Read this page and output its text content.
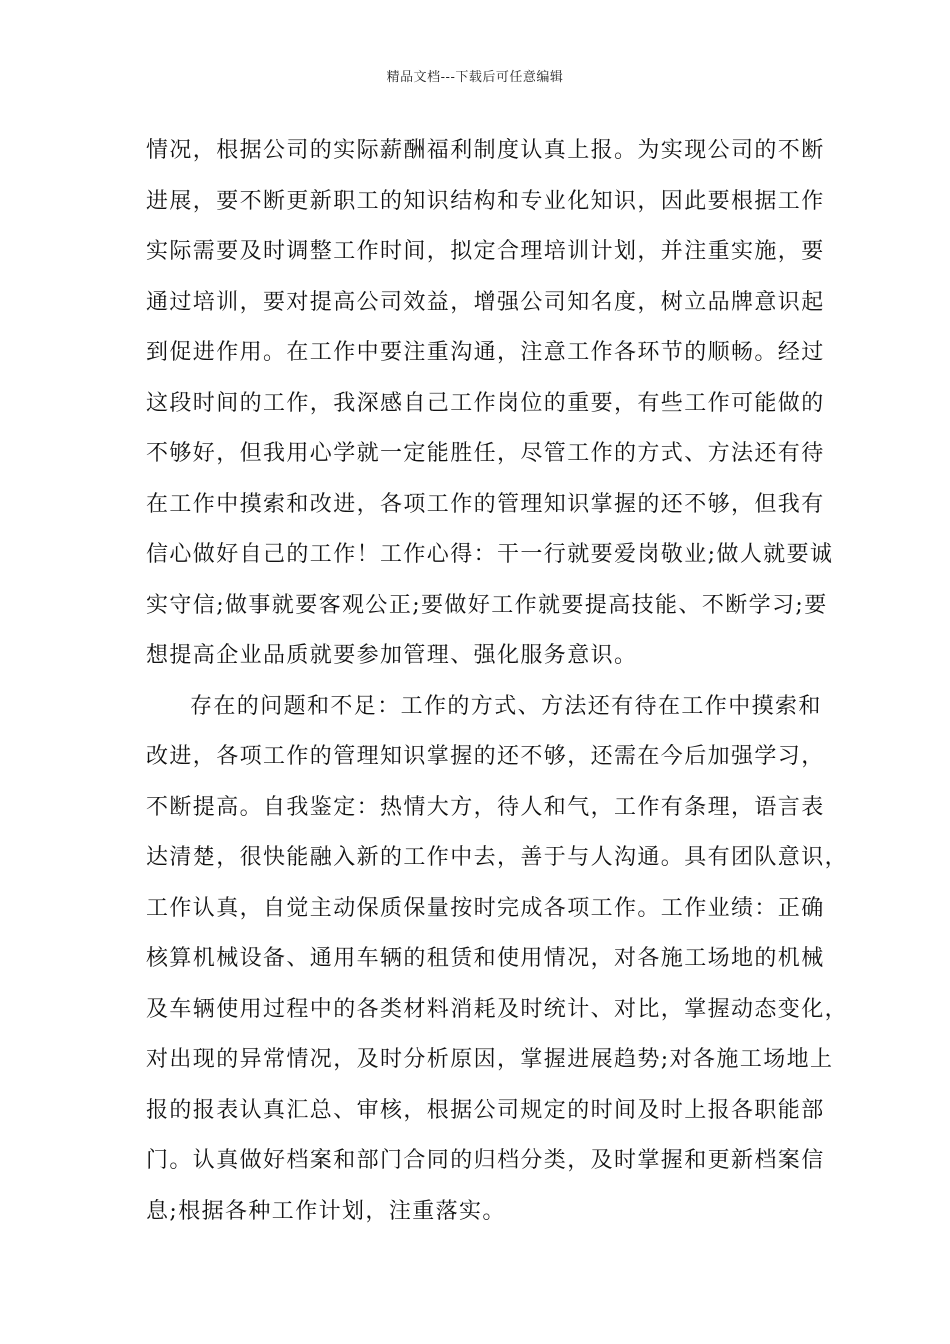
精品文档---下载后可任意编辑
情况，根据公司的实际薪酬福利制度认真上报。为实现公司的不断
进展，要不断更新职工的知识结构和专业化知识，因此要根据工作
实际需要及时调整工作时间，拟定合理培训计划，并注重实施，要
通过培训，要对提高公司效益，增强公司知名度，树立品牌意识起
到促进作用。在工作中要注重沟通，注意工作各环节的顺畅。经过
这段时间的工作，我深感自己工作岗位的重要，有些工作可能做的
不够好，但我用心学就一定能胜任，尽管工作的方式、方法还有待
在工作中摸索和改进，各项工作的管理知识掌握的还不够，但我有
信心做好自己的工作！工作心得：干一行就要爱岗敬业;做人就要诚
实守信;做事就要客观公正;要做好工作就要提高技能、不断学习;要
想提高企业品质就要参加管理、强化服务意识。
存在的问题和不足：工作的方式、方法还有待在工作中摸索和
改进，各项工作的管理知识掌握的还不够，还需在今后加强学习，
不断提高。自我鉴定：热情大方，待人和气，工作有条理，语言表
达清楚，很快能融入新的工作中去，善于与人沟通。具有团队意识，
工作认真，自觉主动保质保量按时完成各项工作。工作业绩：正确
核算机械设备、通用车辆的租赁和使用情况，对各施工场地的机械
及车辆使用过程中的各类材料消耗及时统计、对比，掌握动态变化，
对出现的异常情况，及时分析原因，掌握进展趋势;对各施工场地上
报的报表认真汇总、审核，根据公司规定的时间及时上报各职能部
门。认真做好档案和部门合同的归档分类，及时掌握和更新档案信
息;根据各种工作计划，注重落实。
